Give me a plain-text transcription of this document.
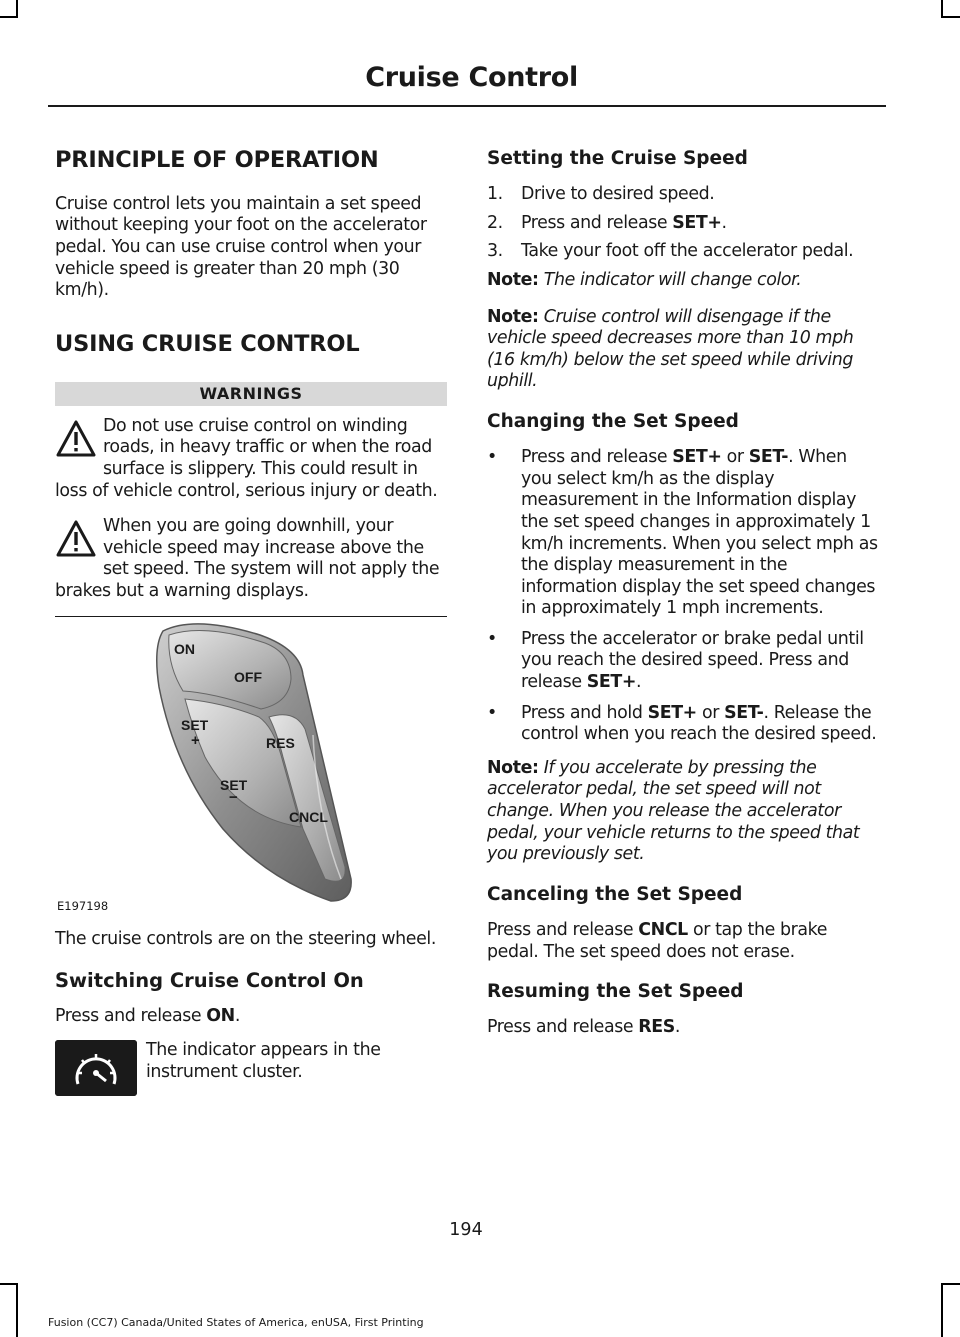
Cruise Control
PRINCIPLE OF OPERATION

Cruise control lets you maintain a set speed without keeping your foot on the accelerator pedal. You can use cruise control when your vehicle speed is greater than 20 mph (30 km/h).

USING CRUISE CONTROL
WARNINGS
Do not use cruise control on winding roads, in heavy traffic or when the road surface is slippery. This could result in loss of vehicle control, serious injury or death.
When you are going downhill, your vehicle speed may increase above the set speed. The system will not apply the brakes but a warning displays.
ON
OFF
SET
+	RES
SET
−
CNCL
E197198

The cruise controls are on the steering wheel.

Switching Cruise Control On

Press and release ON.

The indicator appears in the instrument cluster.
Setting the Cruise Speed
1. Drive to desired speed.
2. Press and release SET+.
3. Take your foot off the accelerator pedal.

Note: The indicator will change color.

Note: Cruise control will disengage if the vehicle speed decreases more than 10 mph (16 km/h) below the set speed while driving uphill.

Changing the Set Speed
• Press and release SET+ or SET-. When you select km/h as the display measurement in the Information display the set speed changes in approximately 1 km/h increments. When you select mph as the display measurement in the information display the set speed changes in approximately 1 mph increments.
• Press the accelerator or brake pedal until you reach the desired speed. Press and release SET+.
• Press and hold SET+ or SET-. Release the control when you reach the desired speed.

Note: If you accelerate by pressing the accelerator pedal, the set speed will not change. When you release the accelerator pedal, your vehicle returns to the speed that you previously set.

Canceling the Set Speed

Press and release CNCL or tap the brake pedal. The set speed does not erase.

Resuming the Set Speed

Press and release RES.

194
Fusion (CC7) Canada/United States of America, enUSA, First Printing
